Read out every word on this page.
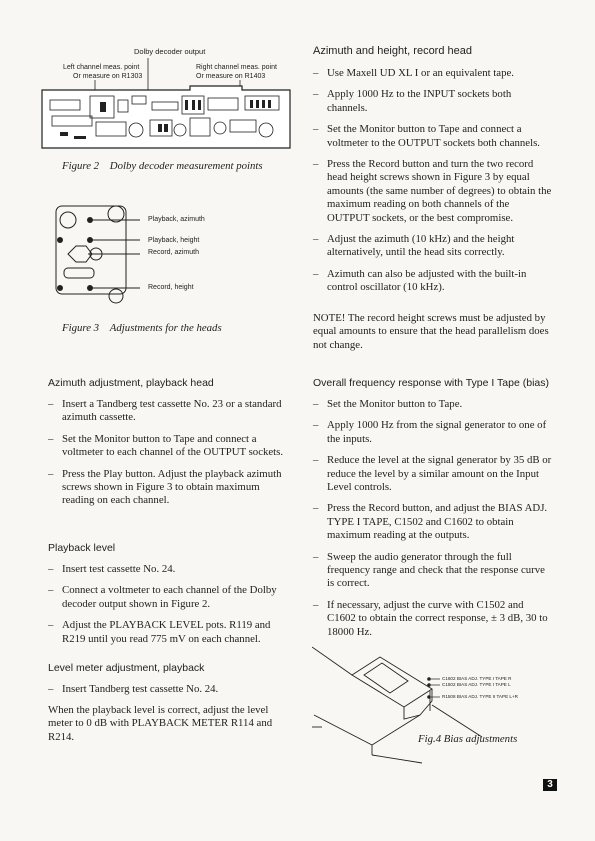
Dolby decoder output
Left channel meas. point
Or measure on R1303
Right channel meas. point
Or measure on R1403
Figure 2 Dolby decoder measurement points
Playback, azimuth
Playback, height
Record, azimuth
Record, height
Figure 3 Adjustments for the heads
Azimuth adjustment, playback head
– Insert a Tandberg test cassette No. 23 or a standard azimuth cassette.
– Set the Monitor button to Tape and connect a voltmeter to each channel of the OUTPUT sockets.
– Press the Play button. Adjust the playback azimuth screws shown in Figure 3 to obtain maximum reading on each channel.
Playback level
– Insert test cassette No. 24.
– Connect a voltmeter to each channel of the Dolby decoder output shown in Figure 2.
– Adjust the PLAYBACK LEVEL pots. R119 and R219 until you read 775 mV on each channel.
Level meter adjustment, playback
– Insert Tandberg test cassette No. 24.
When the playback level is correct, adjust the level meter to 0 dB with PLAYBACK METER R114 and R214.
Azimuth and height, record head
– Use Maxell UD XL I or an equivalent tape.
– Apply 1000 Hz to the INPUT sockets both channels.
– Set the Monitor button to Tape and connect a voltmeter to the OUTPUT sockets both channels.
– Press the Record button and turn the two record head height screws shown in Figure 3 by equal amounts (the same number of degrees) to obtain the maximum reading on both channels of the OUTPUT sockets, or the best compromise.
– Adjust the azimuth (10 kHz) and the height alternatively, until the head sits correctly.
– Azimuth can also be adjusted with the built-in control oscillator (10 kHz).
NOTE! The record height screws must be adjusted by equal amounts to ensure that the head parallelism does not change.
Overall frequency response with Type I Tape (bias)
– Set the Monitor button to Tape.
– Apply 1000 Hz from the signal generator to one of the inputs.
– Reduce the level at the signal generator by 35 dB or reduce the level by a similar amount on the Input Level controls.
– Press the Record button, and adjust the BIAS ADJ. TYPE I TAPE, C1502 and C1602 to obtain maximum reading at the outputs.
– Sweep the audio generator through the full frequency range and check that the response curve is correct.
– If necessary, adjust the curve with C1502 and C1602 to obtain the correct response, ± 3 dB, 30 to 18000 Hz.
C1602 BIAS ADJ. TYPE I TAPE R
C1502 BIAS ADJ. TYPE I TAPE L
R1508 BIAS ADJ. TYPE II TAPE L+R
Fig.4 Bias adjustments
3
